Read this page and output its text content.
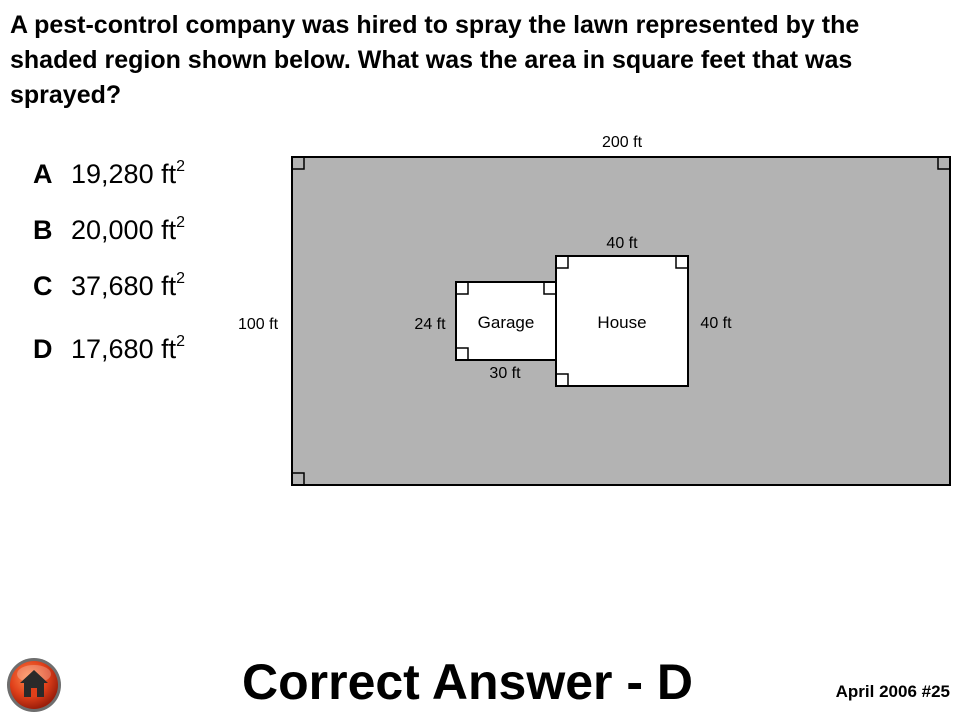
A pest-control company was hired to spray the lawn represented by the shaded region shown below. What was the area in square feet that was sprayed?

A 19,280 $ft^2$
B 20,000 $ft^2$
C 37,680 $ft^2$
D 17,680 $ft^2$
200 ft
100 ft	Garage
24 ft
30 ft
House
40 ft
40 ft
Correct Answer - D	April 2006 #25
